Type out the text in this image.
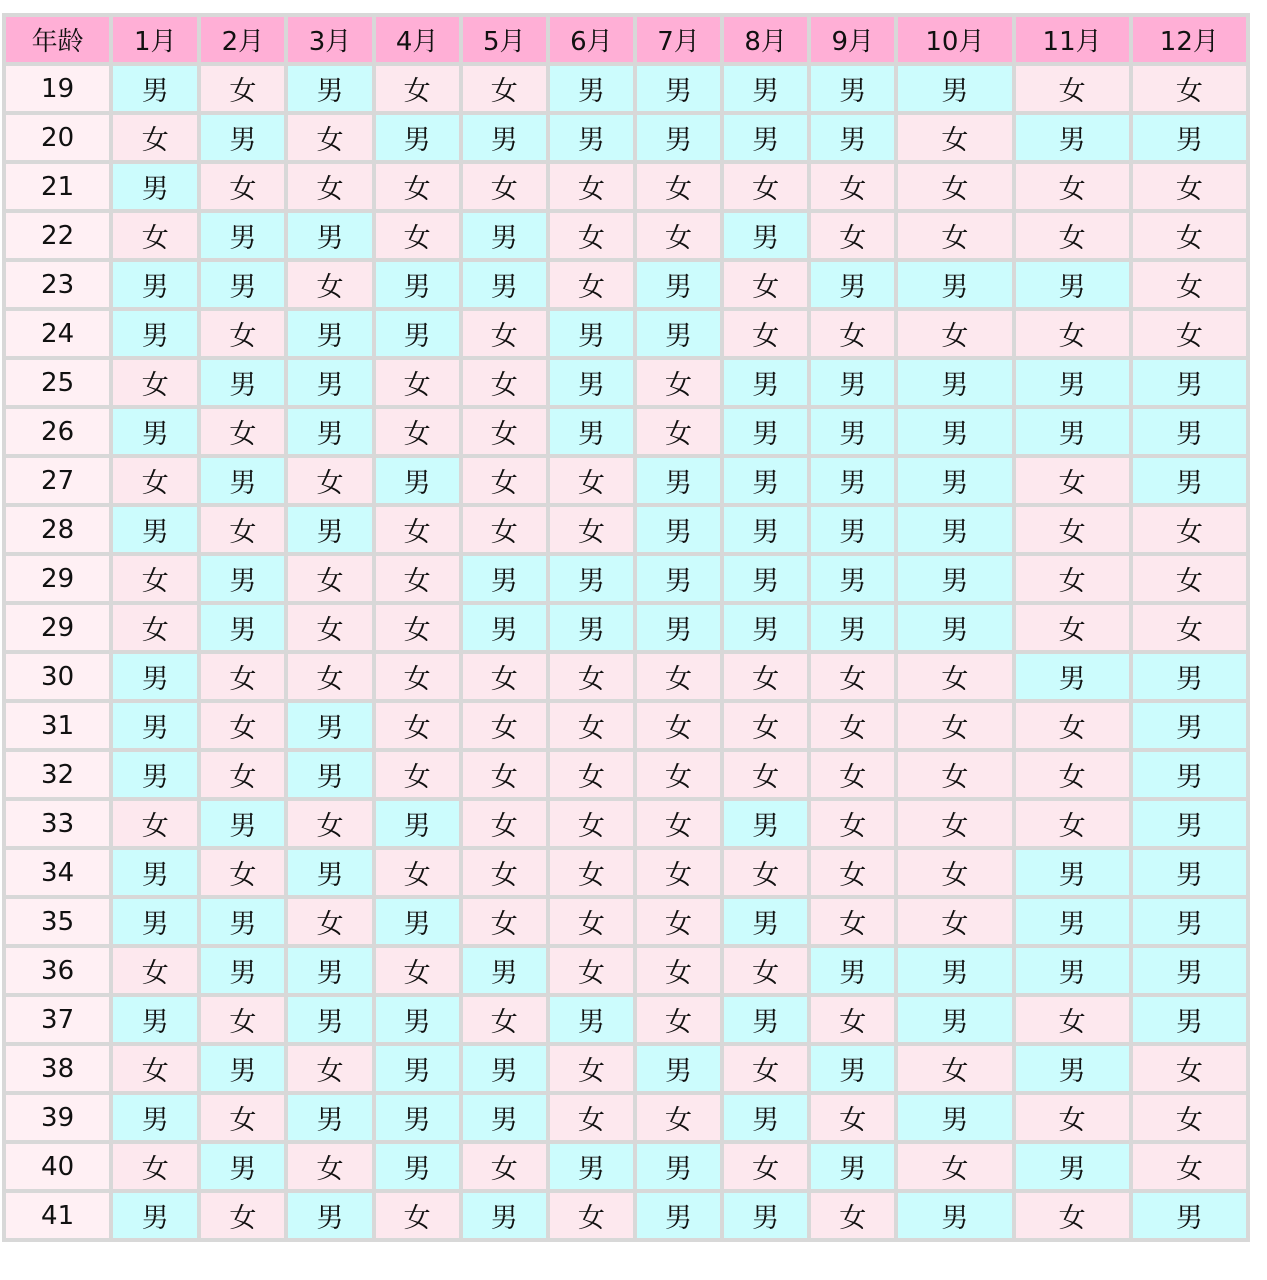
年龄	1月	2月	3月	4月	5月	6月	7月	8月	9月	10月	11月	12月
19	男	女	男	女	女	男	男	男	男	男	女	女
20	女	男	女	男	男	男	男	男	男	女	男	男
21	男	女	女	女	女	女	女	女	女	女	女	女
22	女	男	男	女	男	女	女	男	女	女	女	女
23	男	男	女	男	男	女	男	女	男	男	男	女
24	男	女	男	男	女	男	男	女	女	女	女	女
25	女	男	男	女	女	男	女	男	男	男	男	男
26	男	女	男	女	女	男	女	男	男	男	男	男
27	女	男	女	男	女	女	男	男	男	男	女	男
28	男	女	男	女	女	女	男	男	男	男	女	女
29	女	男	女	女	男	男	男	男	男	男	女	女
29	女	男	女	女	男	男	男	男	男	男	女	女
30	男	女	女	女	女	女	女	女	女	女	男	男
31	男	女	男	女	女	女	女	女	女	女	女	男
32	男	女	男	女	女	女	女	女	女	女	女	男
33	女	男	女	男	女	女	女	男	女	女	女	男
34	男	女	男	女	女	女	女	女	女	女	男	男
35	男	男	女	男	女	女	女	男	女	女	男	男
36	女	男	男	女	男	女	女	女	男	男	男	男
37	男	女	男	男	女	男	女	男	女	男	女	男
38	女	男	女	男	男	女	男	女	男	女	男	女
39	男	女	男	男	男	女	女	男	女	男	女	女
40	女	男	女	男	女	男	男	女	男	女	男	女
41	男	女	男	女	男	女	男	男	女	男	女	男
